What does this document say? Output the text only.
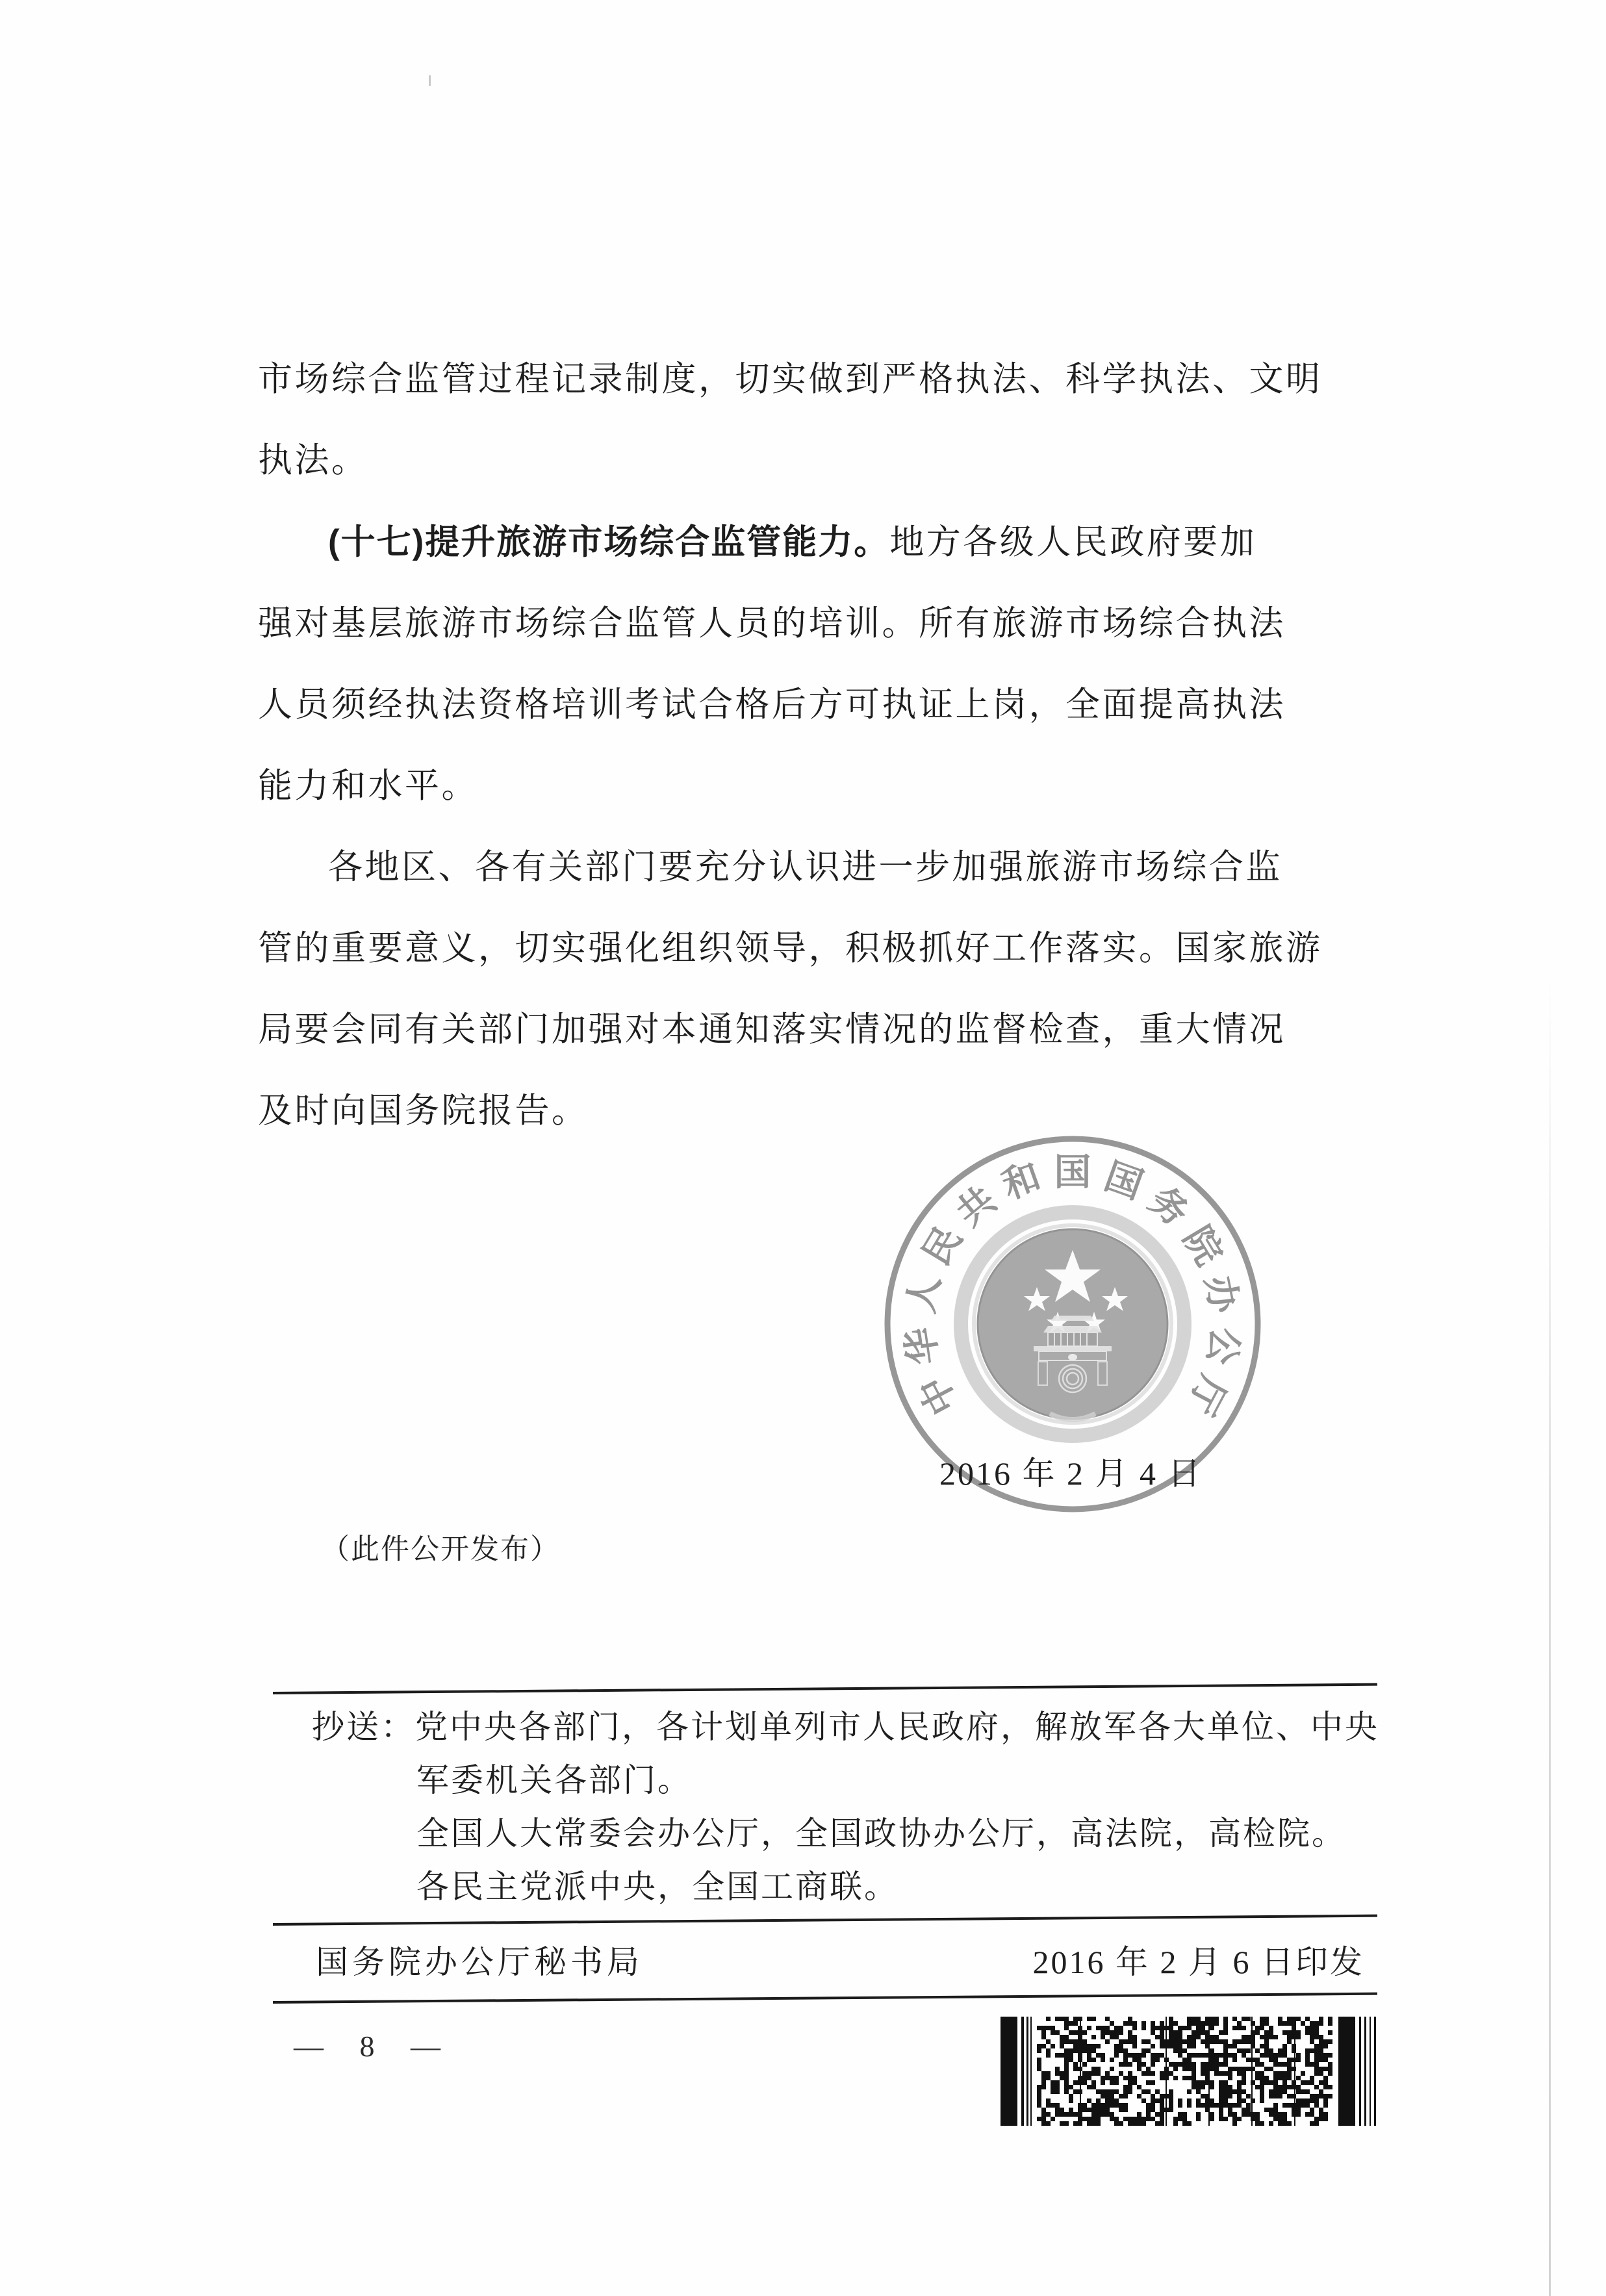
市场综合监管过程记录制度，切实做到严格执法、科学执法、文明
执法。
(十七)提升旅游市场综合监管能力。地方各级人民政府要加
强对基层旅游市场综合监管人员的培训。所有旅游市场综合执法
人员须经执法资格培训考试合格后方可执证上岗，全面提高执法
能力和水平。
各地区、各有关部门要充分认识进一步加强旅游市场综合监
管的重要意义，切实强化组织领导，积极抓好工作落实。国家旅游
局要会同有关部门加强对本通知落实情况的监督检查，重大情况
及时向国务院报告。
中
华
人
民
共
和 国 国
务
院
办
公
厅
2016 年 2 月 4 日
（此件公开发布）
抄送：党中央各部门，各计划单列市人民政府，解放军各大单位、中央
军委机关各部门。
全国人大常委会办公厅，全国政协办公厅，高法院，高检院。
各民主党派中央，全国工商联。
国务院办公厅秘书局	2016 年 2 月 6 日印发
— 8 —
